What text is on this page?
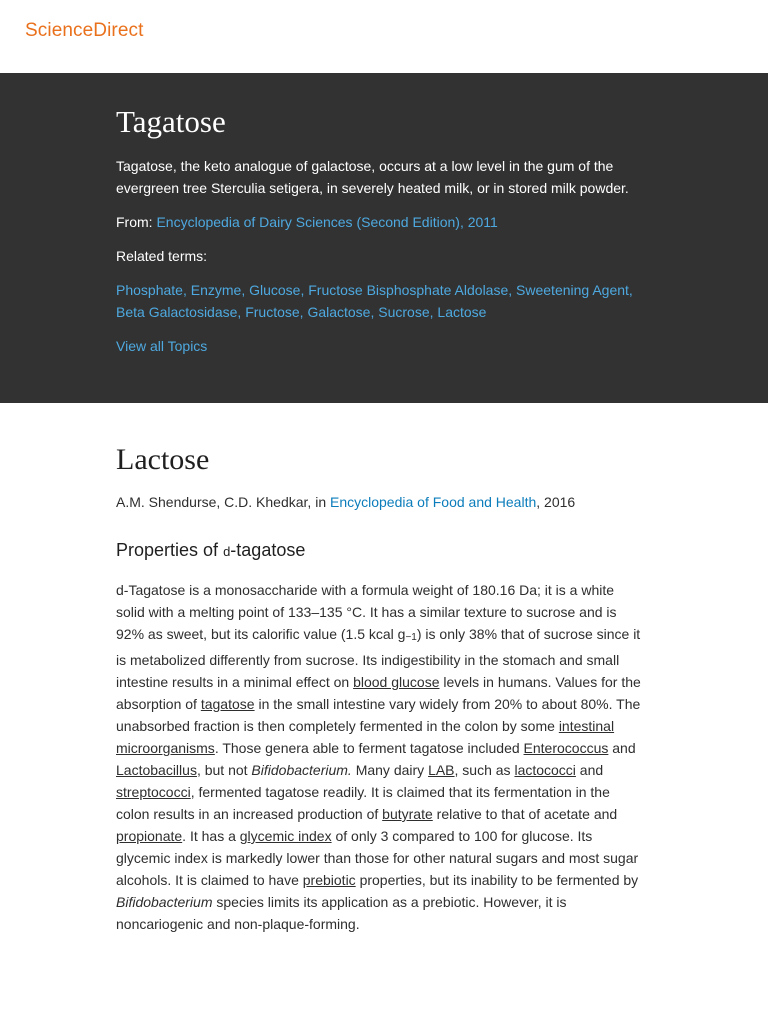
ScienceDirect
Tagatose

Tagatose, the keto analogue of galactose, occurs at a low level in the gum of the evergreen tree Sterculia setigera, in severely heated milk, or in stored milk powder.

From: Encyclopedia of Dairy Sciences (Second Edition), 2011

Related terms:

Phosphate, Enzyme, Glucose, Fructose Bisphosphate Aldolase, Sweetening Agent, Beta Galactosidase, Fructose, Galactose, Sucrose, Lactose

View all Topics

Lactose

A.M. Shendurse, C.D. Khedkar, in Encyclopedia of Food and Health, 2016

Properties of d-tagatose

d-Tagatose is a monosaccharide with a formula weight of 180.16 Da; it is a white solid with a melting point of 133–135 °C. It has a similar texture to sucrose and is 92% as sweet, but its calorific value (1.5 kcal g−1) is only 38% that of sucrose since it is metabolized differently from sucrose. Its indigestibility in the stomach and small intestine results in a minimal effect on blood glucose levels in humans. Values for the absorption of tagatose in the small intestine vary widely from 20% to about 80%. The unabsorbed fraction is then completely fermented in the colon by some intestinal microorganisms. Those genera able to ferment tagatose included Enterococcus and Lactobacillus, but not Bifidobacterium. Many dairy LAB, such as lactococci and streptococci, fermented tagatose readily. It is claimed that its fermentation in the colon results in an increased production of butyrate relative to that of acetate and propionate. It has a glycemic index of only 3 compared to 100 for glucose. Its glycemic index is markedly lower than those for other natural sugars and most sugar alcohols. It is claimed to have prebiotic properties, but its inability to be fermented by Bifidobacterium species limits its application as a prebiotic. However, it is noncariogenic and non-plaque-forming.
